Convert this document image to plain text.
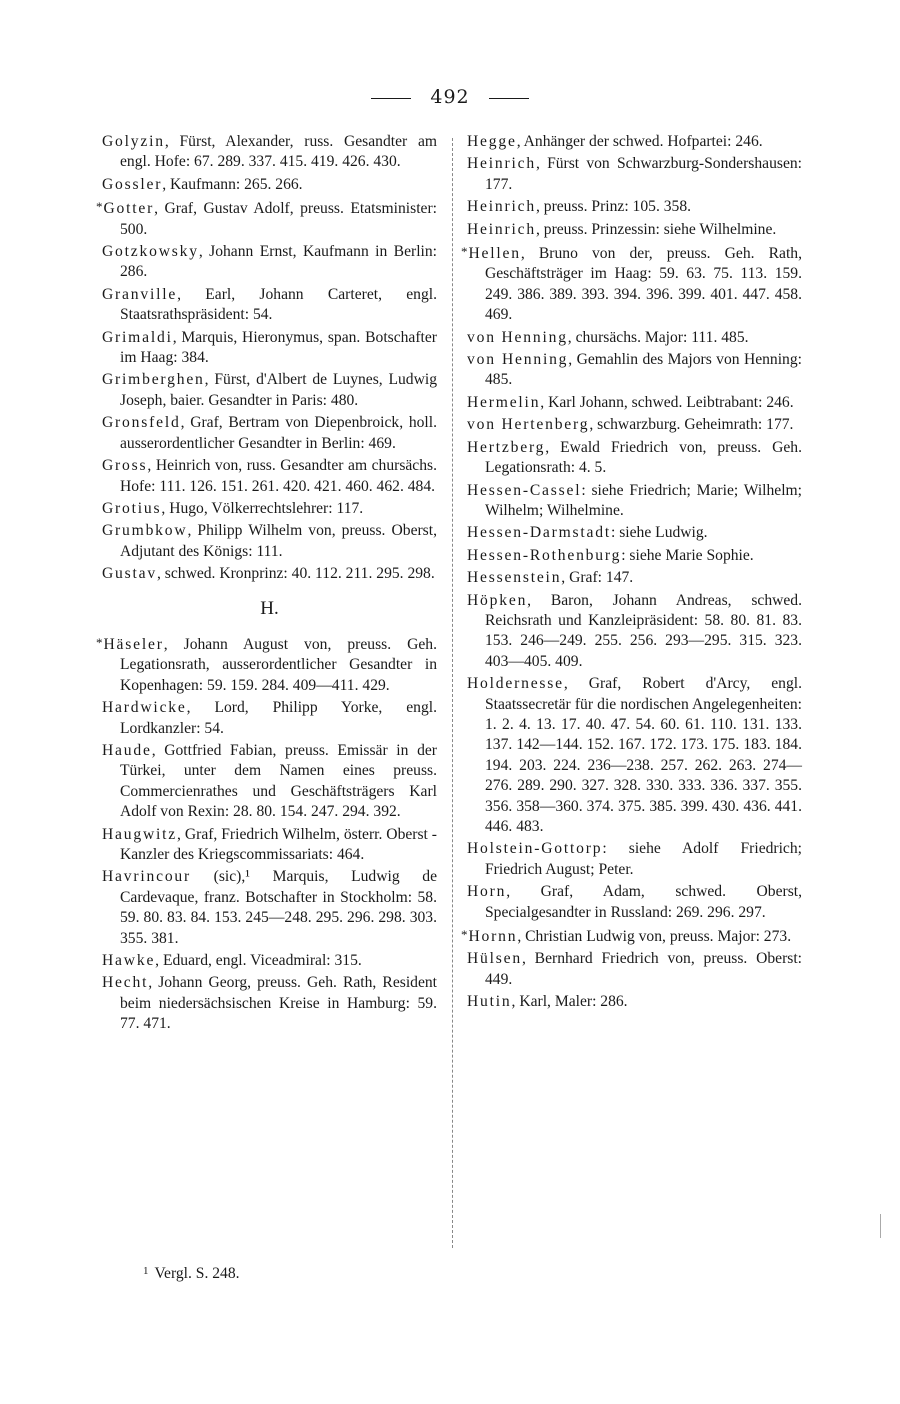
492
Golyzin, Fürst, Alexander, russ. Gesandter am engl. Hofe: 67. 289. 337. 415. 419. 426. 430.
Gossler, Kaufmann: 265. 266.
*Gotter, Graf, Gustav Adolf, preuss. Etatsminister: 500.
Gotzkowsky, Johann Ernst, Kaufmann in Berlin: 286.
Granville, Earl, Johann Carteret, engl. Staatsrathspräsident: 54.
Grimaldi, Marquis, Hieronymus, span. Botschafter im Haag: 384.
Grimberghen, Fürst, d'Albert de Luynes, Ludwig Joseph, baier. Gesandter in Paris: 480.
Gronsfeld, Graf, Bertram von Diepenbroick, holl. ausserordentlicher Gesandter in Berlin: 469.
Gross, Heinrich von, russ. Gesandter am chursächs. Hofe: 111. 126. 151. 261. 420. 421. 460. 462. 484.
Grotius, Hugo, Völkerrechtslehrer: 117.
Grumbkow, Philipp Wilhelm von, preuss. Oberst, Adjutant des Königs: 111.
Gustav, schwed. Kronprinz: 40. 112. 211. 295. 298.
H.
*Häseler, Johann August von, preuss. Geh. Legationsrath, ausserordentlicher Gesandter in Kopenhagen: 59. 159. 284. 409—411. 429.
Hardwicke, Lord, Philipp Yorke, engl. Lordkanzler: 54.
Haude, Gottfried Fabian, preuss. Emissär in der Türkei, unter dem Namen eines preuss. Commercienrathes und Geschäftsträgers Karl Adolf von Rexin: 28. 80. 154. 247. 294. 392.
Haugwitz, Graf, Friedrich Wilhelm, österr. Oberst - Kanzler des Kriegscommissariats: 464.
Havrincour (sic),¹ Marquis, Ludwig de Cardevaque, franz. Botschafter in Stockholm: 58. 59. 80. 83. 84. 153. 245—248. 295. 296. 298. 303. 355. 381.
Hawke, Eduard, engl. Viceadmiral: 315.
Hecht, Johann Georg, preuss. Geh. Rath, Resident beim niedersächsischen Kreise in Hamburg: 59. 77. 471.
Hegge, Anhänger der schwed. Hofpartei: 246.
Heinrich, Fürst von Schwarzburg-Sondershausen: 177.
Heinrich, preuss. Prinz: 105. 358.
Heinrich, preuss. Prinzessin: siehe Wilhelmine.
*Hellen, Bruno von der, preuss. Geh. Rath, Geschäftsträger im Haag: 59. 63. 75. 113. 159. 249. 386. 389. 393. 394. 396. 399. 401. 447. 458. 469.
von Henning, chursächs. Major: 111. 485.
von Henning, Gemahlin des Majors von Henning: 485.
Hermelin, Karl Johann, schwed. Leibtrabant: 246.
von Hertenberg, schwarzburg. Geheimrath: 177.
Hertzberg, Ewald Friedrich von, preuss. Geh. Legationsrath: 4. 5.
Hessen-Cassel: siehe Friedrich; Marie; Wilhelm; Wilhelm; Wilhelmine.
Hessen-Darmstadt: siehe Ludwig.
Hessen-Rothenburg: siehe Marie Sophie.
Hessenstein, Graf: 147.
Höpken, Baron, Johann Andreas, schwed. Reichsrath und Kanzleipräsident: 58. 80. 81. 83. 153. 246—249. 255. 256. 293—295. 315. 323. 403—405. 409.
Holdernesse, Graf, Robert d'Arcy, engl. Staatssecretär für die nordischen Angelegenheiten: 1. 2. 4. 13. 17. 40. 47. 54. 60. 61. 110. 131. 133. 137. 142—144. 152. 167. 172. 173. 175. 183. 184. 194. 203. 224. 236—238. 257. 262. 263. 274—276. 289. 290. 327. 328. 330. 333. 336. 337. 355. 356. 358—360. 374. 375. 385. 399. 430. 436. 441. 446. 483.
Holstein-Gottorp: siehe Adolf Friedrich; Friedrich August; Peter.
Horn, Graf, Adam, schwed. Oberst, Specialgesandter in Russland: 269. 296. 297.
*Hornn, Christian Ludwig von, preuss. Major: 273.
Hülsen, Bernhard Friedrich von, preuss. Oberst: 449.
Hutin, Karl, Maler: 286.
$^1$ Vergl. S. 248.
